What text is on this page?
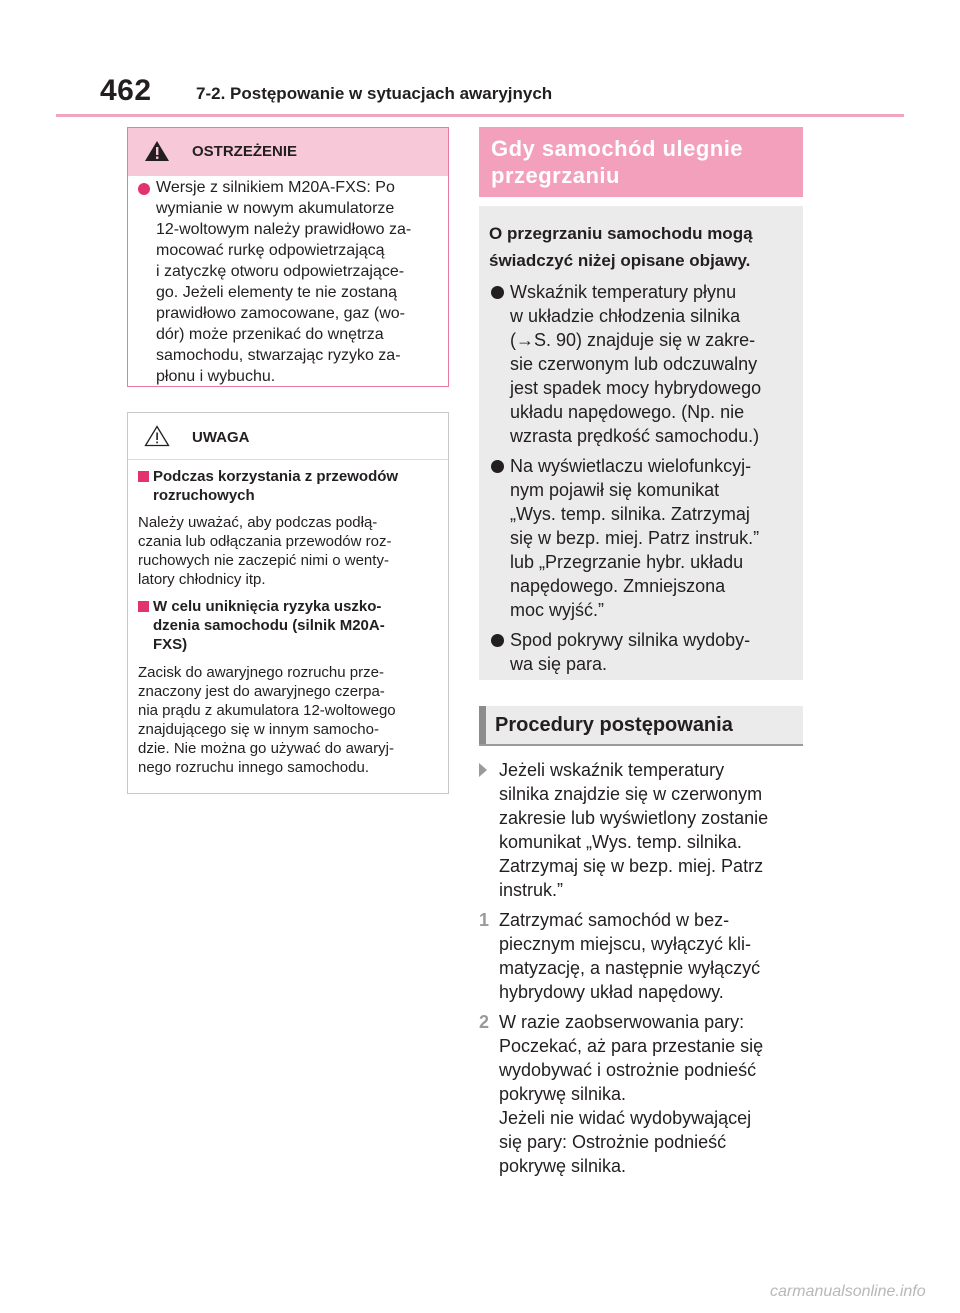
462	7-2. Postępowanie w sytuacjach awaryjnych
OSTRZEŻENIE
Wersje z silnikiem M20A-FXS: Po
wymianie w nowym akumulatorze
12-woltowym należy prawidłowo za-
mocować rurkę odpowietrzającą
i zatyczkę otworu odpowietrzające-
go. Jeżeli elementy te nie zostaną
prawidłowo zamocowane, gaz (wo-
dór) może przenikać do wnętrza
samochodu, stwarzając ryzyko za-
płonu i wybuchu.
UWAGA
Podczas korzystania z przewodów
rozruchowych
Należy uważać, aby podczas podłą-
czania lub odłączania przewodów roz-
ruchowych nie zaczepić nimi o wenty-
latory chłodnicy itp.
W celu uniknięcia ryzyka uszko-
dzenia samochodu (silnik M20A-
FXS)
Zacisk do awaryjnego rozruchu prze-
znaczony jest do awaryjnego czerpa-
nia prądu z akumulatora 12-woltowego
znajdującego się w innym samocho-
dzie. Nie można go używać do awaryj-
nego rozruchu innego samochodu.
Gdy samochód ulegnie
przegrzaniu
O przegrzaniu samochodu mogą
świadczyć niżej opisane objawy.
Wskaźnik temperatury płynu
w układzie chłodzenia silnika
(→S. 90) znajduje się w zakre-
sie czerwonym lub odczuwalny
jest spadek mocy hybrydowego
układu napędowego. (Np. nie
wzrasta prędkość samochodu.)
Na wyświetlaczu wielofunkcyj-
nym pojawił się komunikat
„Wys. temp. silnika. Zatrzymaj
się w bezp. miej. Patrz instruk.”
lub „Przegrzanie hybr. układu
napędowego. Zmniejszona
moc wyjść.”
Spod pokrywy silnika wydoby-
wa się para.
Procedury postępowania
Jeżeli wskaźnik temperatury
silnika znajdzie się w czerwonym
zakresie lub wyświetlony zostanie
komunikat „Wys. temp. silnika.
Zatrzymaj się w bezp. miej. Patrz
instruk.”
1 Zatrzymać samochód w bez-
piecznym miejscu, wyłączyć kli-
matyzację, a następnie wyłączyć
hybrydowy układ napędowy.
2 W razie zaobserwowania pary:
Poczekać, aż para przestanie się
wydobywać i ostrożnie podnieść
pokrywę silnika.
Jeżeli nie widać wydobywającej
się pary: Ostrożnie podnieść
pokrywę silnika.
carmanualsonline.info
